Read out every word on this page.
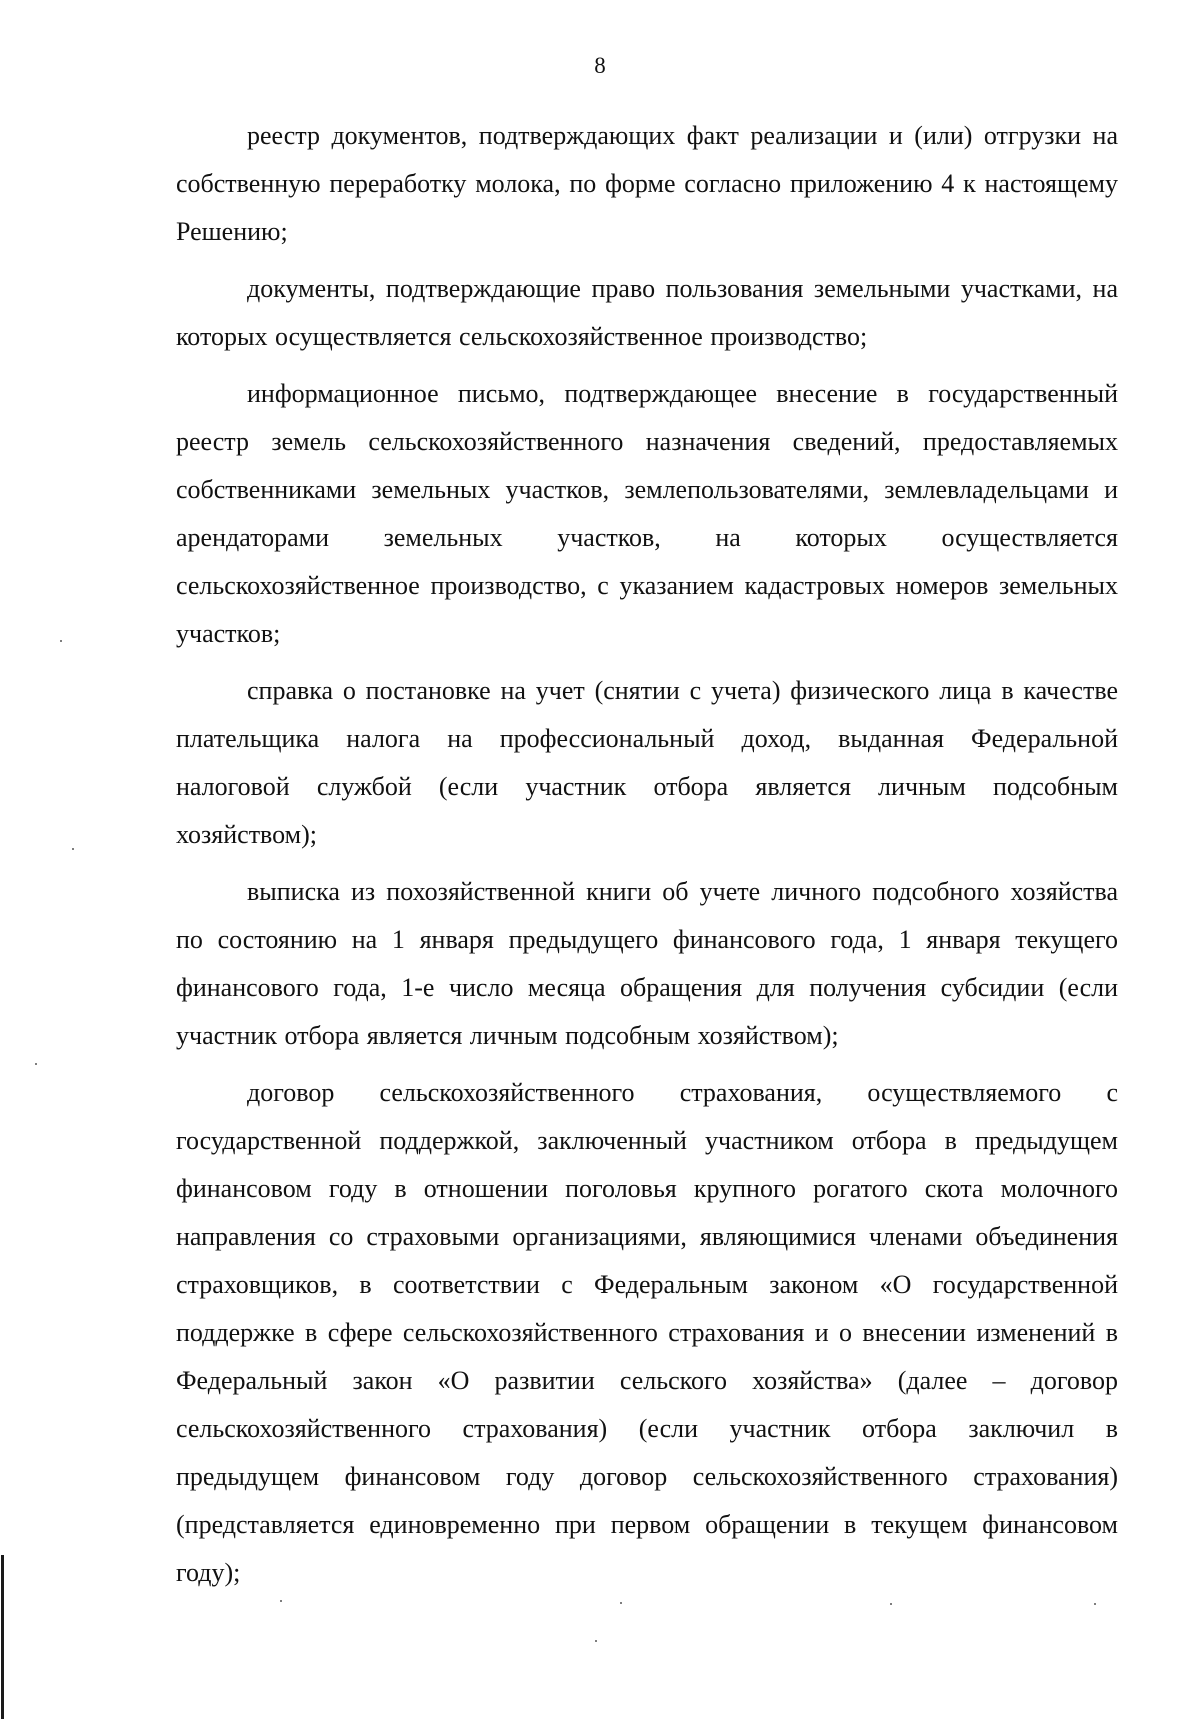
8

реестр документов, подтверждающих факт реализации и (или) отгрузки на собственную переработку молока, по форме согласно приложению 4 к настоящему Решению;

документы, подтверждающие право пользования земельными участками, на которых осуществляется сельскохозяйственное производство;

информационное письмо, подтверждающее внесение в государственный реестр земель сельскохозяйственного назначения сведений, предоставляемых собственниками земельных участков, землепользователями, землевладельцами и арендаторами земельных участков, на которых осуществляется сельскохозяйственное производство, с указанием кадастровых номеров земельных участков;

справка о постановке на учет (снятии с учета) физического лица в качестве плательщика налога на профессиональный доход, выданная Федеральной налоговой службой (если участник отбора является личным подсобным хозяйством);

выписка из похозяйственной книги об учете личного подсобного хозяйства по состоянию на 1 января предыдущего финансового года, 1 января текущего финансового года, 1-е число месяца обращения для получения субсидии (если участник отбора является личным подсобным хозяйством);

договор сельскохозяйственного страхования, осуществляемого с государственной поддержкой, заключенный участником отбора в предыдущем финансовом году в отношении поголовья крупного рогатого скота молочного направления со страховыми организациями, являющимися членами объединения страховщиков, в соответствии с Федеральным законом «О государственной поддержке в сфере сельскохозяйственного страхования и о внесении изменений в Федеральный закон «О развитии сельского хозяйства» (далее – договор сельскохозяйственного страхования) (если участник отбора заключил в предыдущем финансовом году договор сельскохозяйственного страхования) (представляется единовременно при первом обращении в текущем финансовом году);
